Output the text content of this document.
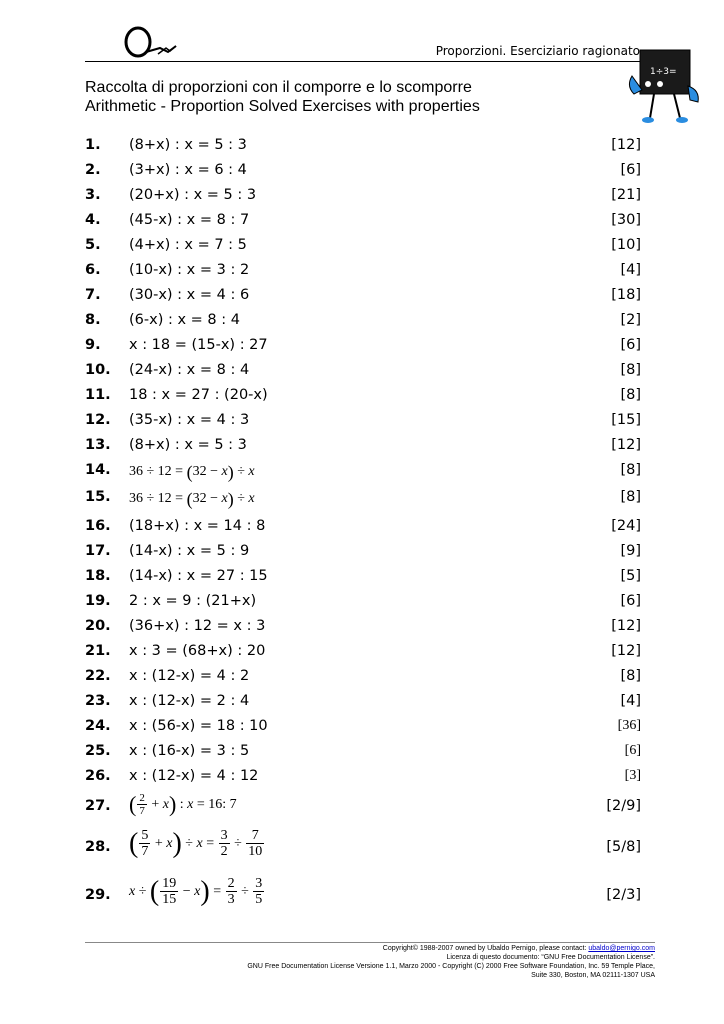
Proporzioni. Eserciziario ragionato
1÷3=
Raccolta di proporzioni con il comporre e lo scomporre
Arithmetic - Proportion Solved Exercises with properties
1. (8+x) : x = 5 : 3	[12]
2. (3+x) : x = 6 : 4	[6]
3. (20+x) : x = 5 : 3	[21]
4. (45-x) : x = 8 : 7	[30]
5. (4+x) : x = 7 : 5	[10]
6. (10-x) : x = 3 : 2	[4]
7. (30-x) : x = 4 : 6	[18]
8. (6-x) : x = 8 : 4	[2]
9. x : 18 = (15-x) : 27	[6]
10. (24-x) : x = 8 : 4	[8]
11. 18 : x = 27 : (20-x)	[8]
12. (35-x) : x = 4 : 3	[15]
13. (8+x) : x = 5 : 3	[12]
14. 36 ÷ 12 = (32 − x) ÷ x	[8]
15. 36 ÷ 12 = (32 − x) ÷ x	[8]
16. (18+x) : x = 14 : 8	[24]
17. (14-x) : x = 5 : 9	[9]
18. (14-x) : x = 27 : 15	[5]
19. 2 : x = 9 : (21+x)	[6]
20. (36+x) : 12 = x : 3	[12]
21. x : 3 = (68+x) : 20	[12]
22. x : (12-x) = 4 : 2	[8]
23. x : (12-x) = 2 : 4	[4]
24. x : (56-x) = 18 : 10	[36]
25. x : (16-x) = 3 : 5	[6]
26. x : (12-x) = 4 : 12	[3]
27. ( $\frac{2}{7} + x$) : x = 16: 7	[2/9]
28. ( $\frac{5}{7} + x) \div x = \frac{3}{2} \div \frac{7}{10}$	[5/8]
29. x ÷ ( $\frac{19}{15} - x) = \frac{2}{3} \div \frac{3}{5}$	[2/3]
Copyright© 1988-2007 owned by Ubaldo Pernigo, please contact: ubaldo@pernigo.com
Licenza di questo documento: “GNU Free Documentation License”.
GNU Free Documentation License Versione 1.1, Marzo 2000 - Copyright (C) 2000 Free Software Foundation, Inc. 59 Temple Place,
Suite 330, Boston, MA 02111-1307 USA
